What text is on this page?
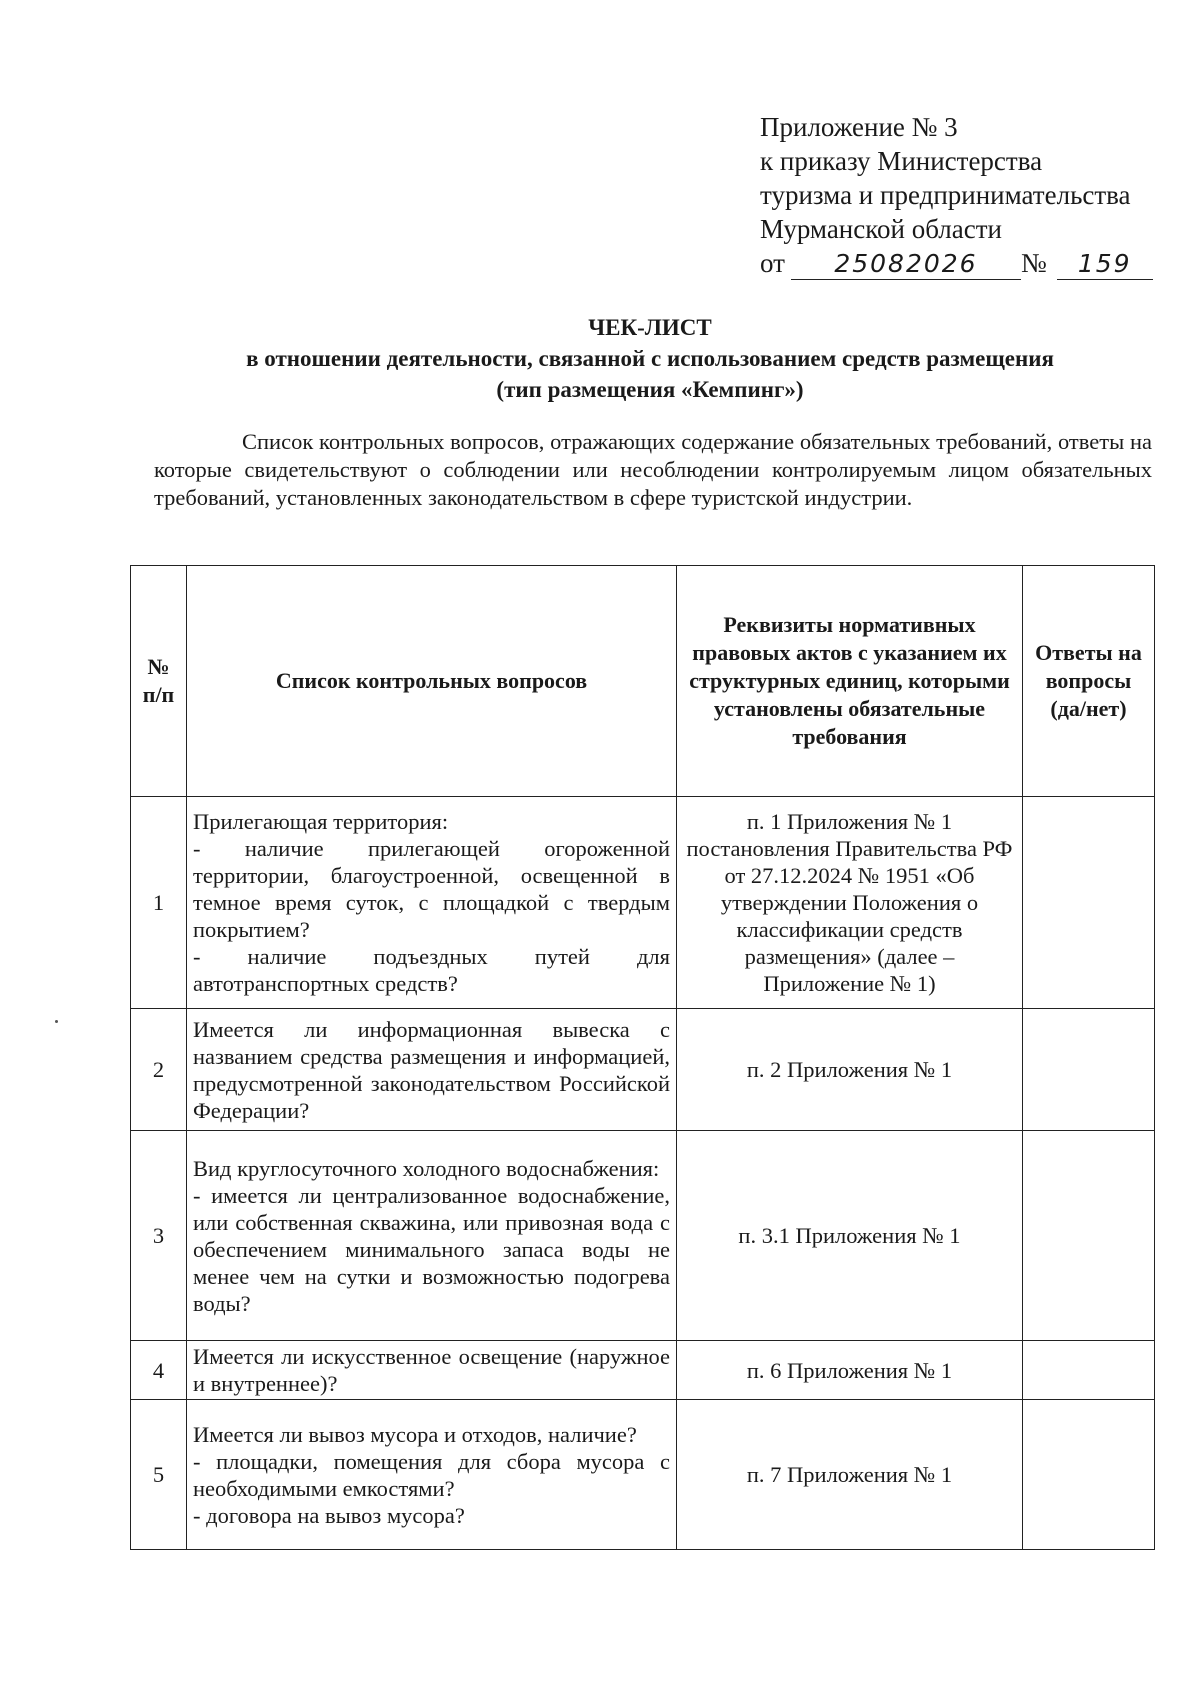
Приложение № 3
к приказу Министерства
туризма и предпринимательства
Мурманской области
от	25082026	№	159
ЧЕК-ЛИСТ
в отношении деятельности, связанной с использованием средств размещения
(тип размещения «Кемпинг»)
Список контрольных вопросов, отражающих содержание обязательных требований, ответы на которые свидетельствуют о соблюдении или несоблюдении контролируемым лицом обязательных требований, установленных законодательством в сфере туристской индустрии.
№ п/п	Список контрольных вопросов	Реквизиты нормативных правовых актов с указанием их структурных единиц, которыми установлены обязательные требования	Ответы на вопросы (да/нет)
1	Прилегающая территория:
- наличие прилегающей огороженной территории, благоустроенной, освещенной в темное время суток, с площадкой с твердым покрытием?
- наличие подъездных путей для автотранспортных средств?	п. 1 Приложения № 1 постановления Правительства РФ от 27.12.2024 № 1951 «Об утверждении Положения о классификации средств размещения» (далее – Приложение № 1)	
2	Имеется ли информационная вывеска с названием средства размещения и информацией, предусмотренной законодательством Российской Федерации?	п. 2 Приложения № 1	
3	Вид круглосуточного холодного водоснабжения:
- имеется ли централизованное водоснабжение, или собственная скважина, или привозная вода с обеспечением минимального запаса воды не менее чем на сутки и возможностью подогрева воды?	п. 3.1 Приложения № 1	
4	Имеется ли искусственное освещение (наружное и внутреннее)?	п. 6 Приложения № 1	
5	Имеется ли вывоз мусора и отходов, наличие?
- площадки, помещения для сбора мусора с необходимыми емкостями?
- договора на вывоз мусора?	п. 7 Приложения № 1	
